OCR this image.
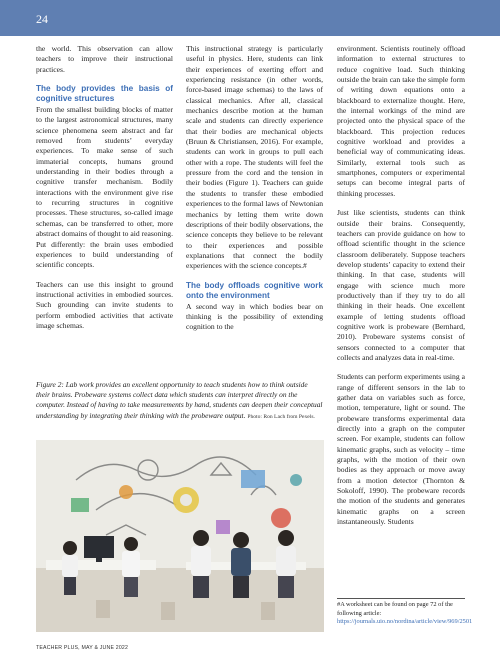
24

the world. This observation can allow teachers to improve their instructional practices.

The body provides the basis of cognitive structures

From the smallest building blocks of matter to the largest astronomical structures, many science phenomena seem abstract and far removed from students’ everyday experiences. To make sense of such immaterial concepts, humans ground understanding in their bodies through a cognitive transfer mechanism. Bodily interactions with the environment give rise to recurring structures in cognitive processes. These structures, so-called image schemas, can be transferred to other, more abstract domains of thought to aid reasoning. Put differently: the brain uses embodied experiences to build understanding of scientific concepts.

Teachers can use this insight to ground instructional activities in embodied sources. Such grounding can invite students to perform embodied activities that activate image schemas.

This instructional strategy is particularly useful in physics. Here, students can link their experiences of exerting effort and experiencing resistance (in other words, force-based image schemas) to the laws of classical mechanics. After all, classical mechanics describe motion at the human scale and students can directly experience that their bodies are mechanical objects (Bruun & Christiansen, 2016). For example, students can work in groups to pull each other with a rope. The students will feel the pressure from the cord and the tension in their bodies (Figure 1). Teachers can guide the students to transfer these embodied experiences to the formal laws of Newtonian mechanics by letting them write down descriptions of their bodily observations, the science concepts they believe to be relevant to their experiences and possible explanations that connect the bodily experiences with the science concepts.#

The body offloads cognitive work onto the environment

A second way in which bodies bear on thinking is the possibility of extending cognition to the

environment. Scientists routinely offload information to external structures to reduce cognitive load. Such thinking outside the brain can take the simple form of writing down equations onto a blackboard to externalize thought. Here, the internal workings of the mind are projected onto the physical space of the blackboard. This projection reduces cognitive workload and provides a beneficial way of communicating ideas. Similarly, external tools such as smartphones, computers or experimental setups can become integral parts of thinking processes.

Just like scientists, students can think outside their brains. Consequently, teachers can provide guidance on how to offload scientific thought in the science classroom deliberately. Suppose teachers develop students’ capacity to extend their thinking. In that case, students will engage with science much more productively than if they try to do all thinking in their heads. One excellent example of letting students offload cognitive work is probeware (Bernhard, 2010). Probeware systems consist of sensors connected to a computer that collects and analyzes data in real-time.

Students can perform experiments using a range of different sensors in the lab to gather data on variables such as force, motion, temperature, light or sound. The probeware transforms experimental data directly into a graph on the computer screen. For example, students can follow kinematic graphs, such as velocity – time graphs, with the motion of their own bodies as they approach or move away from a motion detector (Thornton & Sokoloff, 1990). The probeware records the motion of the students and generates kinematic graphs on a screen instantaneously. Students

Figure 2: Lab work provides an excellent opportunity to teach students how to think outside their brains. Probeware systems collect data which students can interpret directly on the computer. Instead of having to take measurements by hand, students can deepen their conceptual understanding by integrating their thinking with the probeware output. Photo: Ron Lach from Pexels.
#A worksheet can be found on page 72 of the following article: https://journals.uio.no/nordina/article/view/969/2501
TEACHER PLUS, MAY & JUNE 2022
